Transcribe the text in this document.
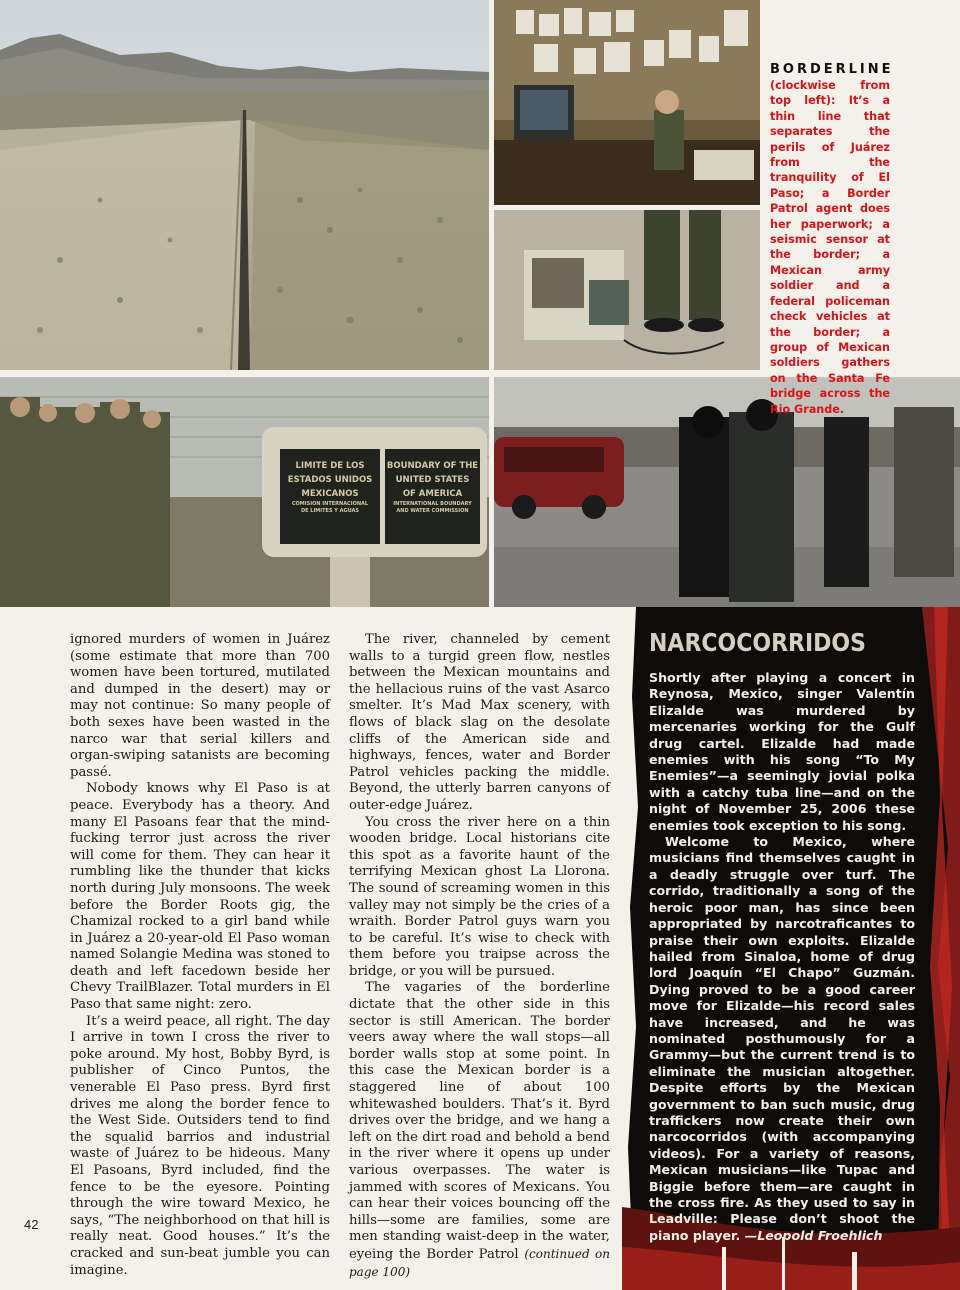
LIMITE DE LOS
ESTADOS UNIDOS
MEXICANOS
COMISION INTERNACIONAL
DE LIMITES Y AGUAS
BOUNDARY OF THE
UNITED STATES
OF AMERICA
INTERNATIONAL BOUNDARY
AND WATER COMMISSION
BORDERLINE
(clockwise from top left): It’s a thin line that separates the perils of Juárez from the tranquility of El Paso; a Border Patrol agent does her paperwork; a seismic sensor at the border; a Mexican army soldier and a federal policeman check vehicles at the border; a group of Mexican soldiers gathers on the Santa Fe bridge across the Rio Grande.

ignored murders of women in Juárez (some estimate that more than 700 women have been tortured, mutilated and dumped in the desert) may or may not continue: So many people of both sexes have been wasted in the narco war that serial killers and organ-swiping satanists are becoming passé.

Nobody knows why El Paso is at peace. Everybody has a theory. And many El Pasoans fear that the mind-fucking terror just across the river will come for them. They can hear it rumbling like the thunder that kicks north during July monsoons. The week before the Border Roots gig, the Chamizal rocked to a girl band while in Juárez a 20-year-old El Paso woman named Solangie Medina was stoned to death and left facedown beside her Chevy TrailBlazer. Total murders in El Paso that same night: zero.

It’s a weird peace, all right. The day I arrive in town I cross the river to poke around. My host, Bobby Byrd, is publisher of Cinco Puntos, the venerable El Paso press. Byrd first drives me along the border fence to the West Side. Outsiders tend to find the squalid barrios and industrial waste of Juárez to be hideous. Many El Pasoans, Byrd included, find the fence to be the eyesore. Pointing through the wire toward Mexico, he says, “The neighborhood on that hill is really neat. Good houses.” It’s the cracked and sun-beat jumble you can imagine.

The river, channeled by cement walls to a turgid green flow, nestles between the Mexican mountains and the hellacious ruins of the vast Asarco smelter. It’s Mad Max scenery, with flows of black slag on the desolate cliffs of the American side and highways, fences, water and Border Patrol vehicles packing the middle. Beyond, the utterly barren canyons of outer-edge Juárez.

You cross the river here on a thin wooden bridge. Local historians cite this spot as a favorite haunt of the terrifying Mexican ghost La Llorona. The sound of screaming women in this valley may not simply be the cries of a wraith. Border Patrol guys warn you to be careful. It’s wise to check with them before you traipse across the bridge, or you will be pursued.

The vagaries of the borderline dictate that the other side in this sector is still American. The border veers away where the wall stops—all border walls stop at some point. In this case the Mexican border is a staggered line of about 100 whitewashed boulders. That’s it. Byrd drives over the bridge, and we hang a left on the dirt road and behold a bend in the river where it opens up under various overpasses. The water is jammed with scores of Mexicans. You can hear their voices bouncing off the hills—some are families, some are men standing waist-deep in the water, eyeing the Border Patrol (continued on page 100)

42
NARCOCORRIDOS

Shortly after playing a concert in Reynosa, Mexico, singer Valentín Elizalde was murdered by mercenaries working for the Gulf drug cartel. Elizalde had made enemies with his song “To My Enemies”—a seemingly jovial polka with a catchy tuba line—and on the night of November 25, 2006 these enemies took exception to his song.

Welcome to Mexico, where musicians find themselves caught in a deadly struggle over turf. The corrido, traditionally a song of the heroic poor man, has since been appropriated by narcotraficantes to praise their own exploits. Elizalde hailed from Sinaloa, home of drug lord Joaquín “El Chapo” Guzmán. Dying proved to be a good career move for Elizalde—his record sales have increased, and he was nominated posthumously for a Grammy—but the current trend is to eliminate the musician altogether. Despite efforts by the Mexican government to ban such music, drug traffickers now create their own narcocorridos (with accompanying videos). For a variety of reasons, Mexican musicians—like Tupac and Biggie before them—are caught in the cross fire. As they used to say in Leadville: Please don’t shoot the piano player. —Leopold Froehlich
